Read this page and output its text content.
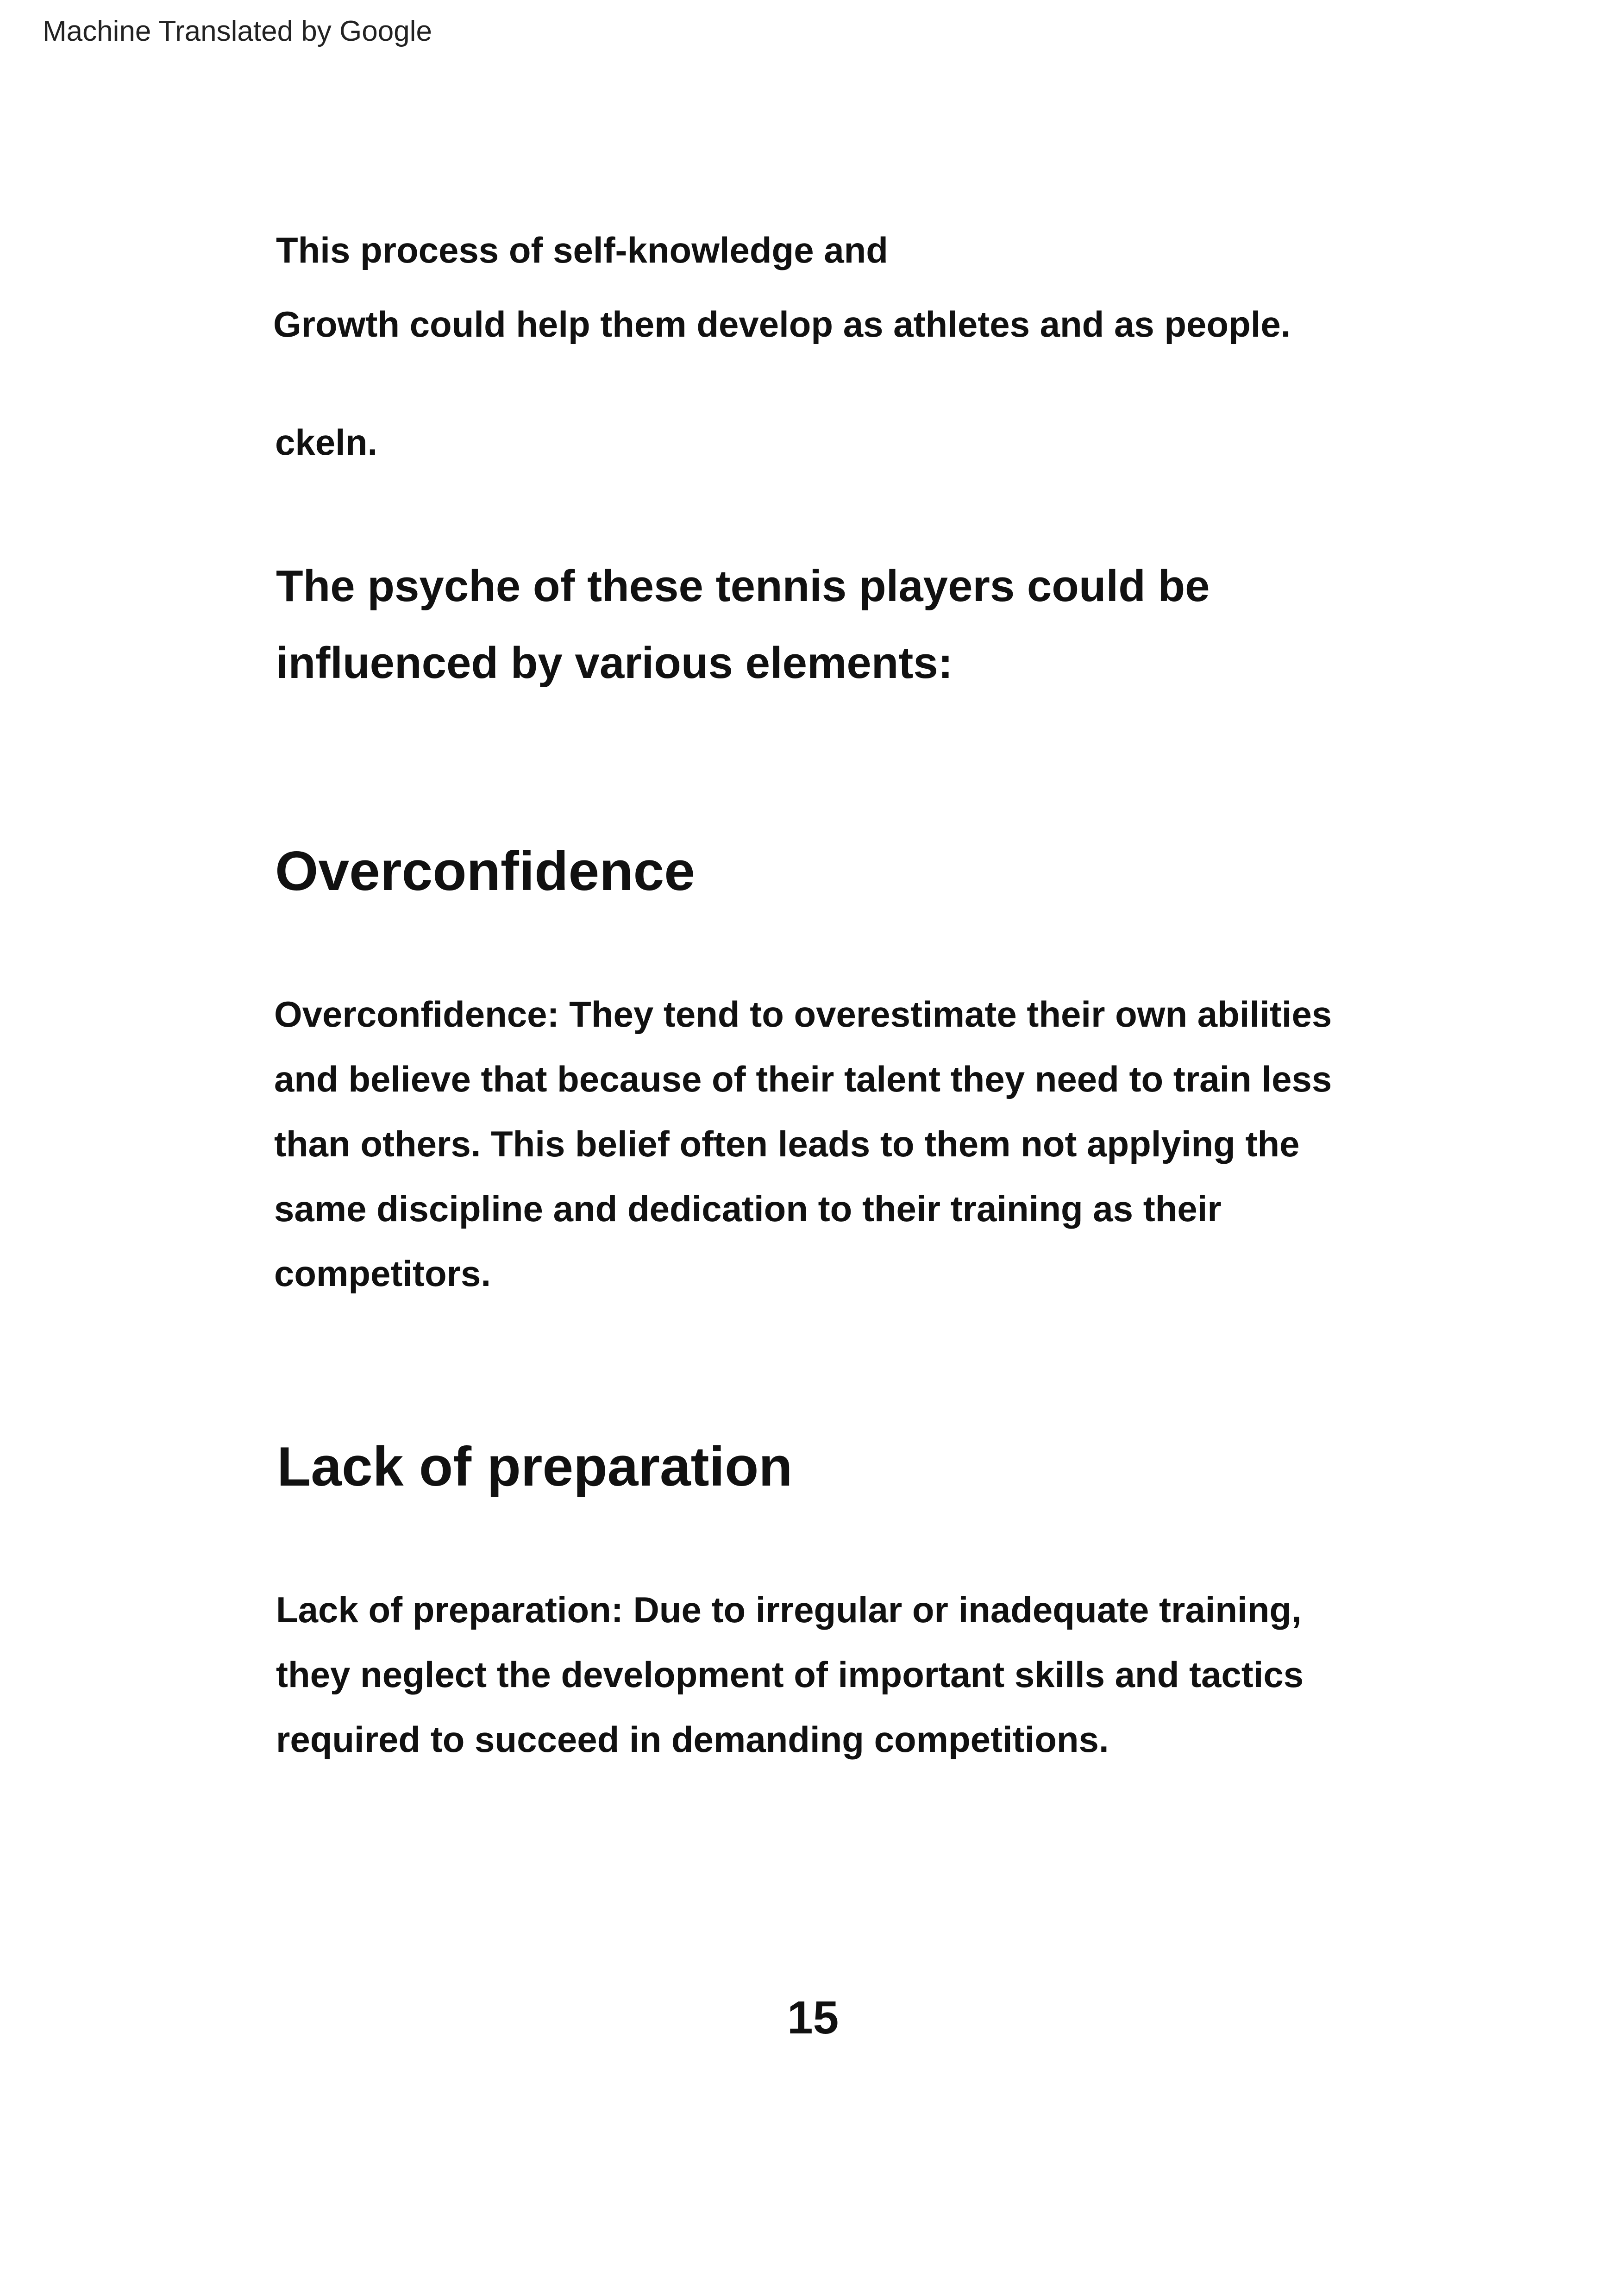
Machine Translated by Google

This process of self-knowledge and

Growth could help them develop as athletes and as people.

ckeln.

The psyche of these tennis players could be
influenced by various elements:
Overconfidence
Overconfidence: They tend to overestimate their own abilities
and believe that because of their talent they need to train less
than others. This belief often leads to them not applying the
same discipline and dedication to their training as their
competitors.
Lack of preparation
Lack of preparation: Due to irregular or inadequate training,
they neglect the development of important skills and tactics
required to succeed in demanding competitions.
15
